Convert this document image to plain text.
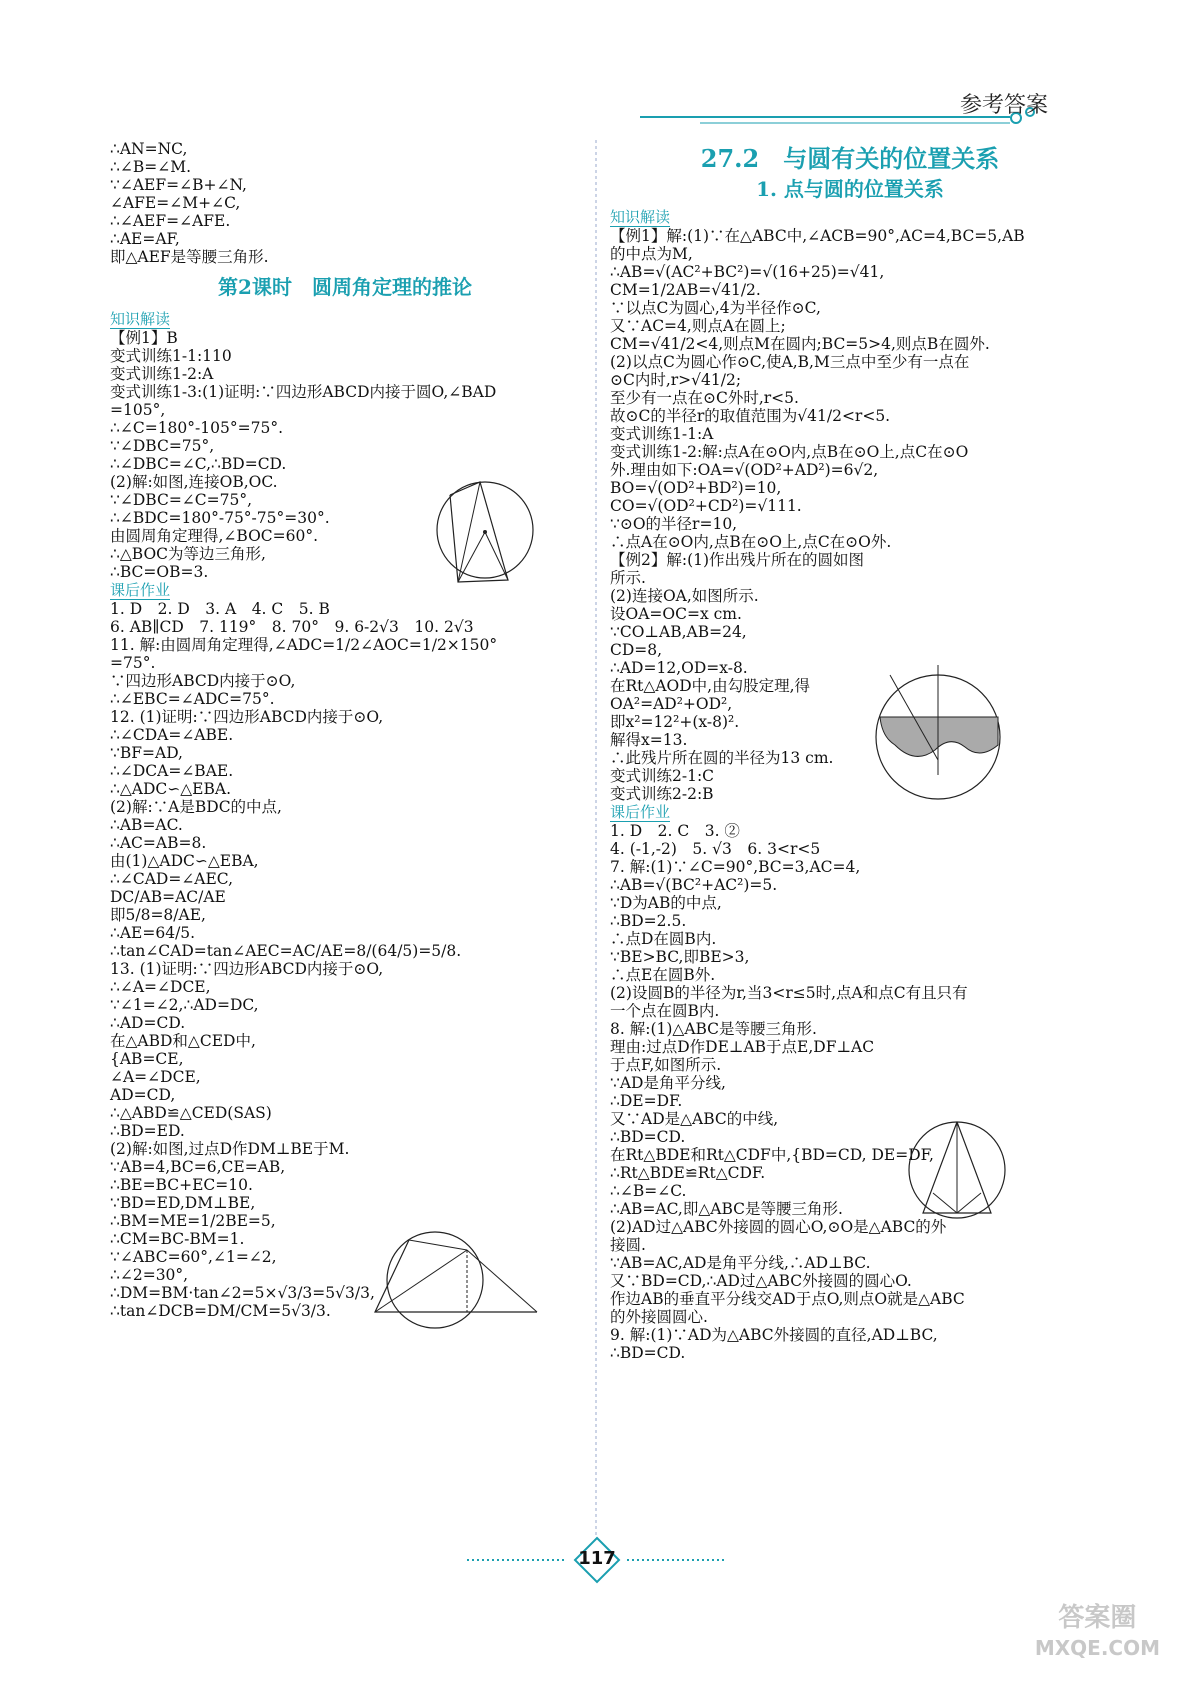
参考答案
∴AN=NC,
∴∠B=∠M.
∵∠AEF=∠B+∠N,
∠AFE=∠M+∠C,
∴∠AEF=∠AFE.
∴AE=AF,
即△AEF是等腰三角形.
第2课时　圆周角定理的推论
知识解读
【例1】B
变式训练1-1:110
变式训练1-2:A
变式训练1-3:(1)证明:∵四边形ABCD内接于圆O,∠BAD
=105°,
∴∠C=180°-105°=75°.
∵∠DBC=75°,
∴∠DBC=∠C,∴BD=CD.
(2)解:如图,连接OB,OC.
∵∠DBC=∠C=75°,
∴∠BDC=180°-75°-75°=30°.
由圆周角定理得,∠BOC=60°.
∴△BOC为等边三角形,
∴BC=OB=3.
课后作业
1. D　2. D　3. A　4. C　5. B
6. AB∥CD　7. 119°　8. 70°　9. 6-2√3　10. 2√3
11. 解:由圆周角定理得,∠ADC=1/2∠AOC=1/2×150°
=75°.
∵四边形ABCD内接于⊙O,
∴∠EBC=∠ADC=75°.
12. (1)证明:∵四边形ABCD内接于⊙O,
∴∠CDA=∠ABE.
∵BF=AD,
∴∠DCA=∠BAE.
∴△ADC∽△EBA.
(2)解:∵A是BDC的中点,
∴AB=AC.
∴AC=AB=8.
由(1)△ADC∽△EBA,
∴∠CAD=∠AEC,
DC/AB=AC/AE
即5/8=8/AE,
∴AE=64/5.
∴tan∠CAD=tan∠AEC=AC/AE=8/(64/5)=5/8.
13. (1)证明:∵四边形ABCD内接于⊙O,
∴∠A=∠DCE,
∵∠1=∠2,∴AD=DC,
∴AD=CD.
在△ABD和△CED中,
{AB=CE,
∠A=∠DCE,
AD=CD,
∴△ABD≌△CED(SAS)
∴BD=ED.
(2)解:如图,过点D作DM⊥BE于M.
∵AB=4,BC=6,CE=AB,
∴BE=BC+EC=10.
∵BD=ED,DM⊥BE,
∴BM=ME=1/2BE=5,
∴CM=BC-BM=1.
∵∠ABC=60°,∠1=∠2,
∴∠2=30°,
∴DM=BM·tan∠2=5×√3/3=5√3/3,
∴tan∠DCB=DM/CM=5√3/3.
27.2　与圆有关的位置关系
1. 点与圆的位置关系
知识解读
【例1】解:(1)∵在△ABC中,∠ACB=90°,AC=4,BC=5,AB
的中点为M,
∴AB=√(AC²+BC²)=√(16+25)=√41,
CM=1/2AB=√41/2.
∵以点C为圆心,4为半径作⊙C,
又∵AC=4,则点A在圆上;
CM=√41/2<4,则点M在圆内;BC=5>4,则点B在圆外.
(2)以点C为圆心作⊙C,使A,B,M三点中至少有一点在
⊙C内时,r>√41/2;
至少有一点在⊙C外时,r<5.
故⊙C的半径r的取值范围为√41/2<r<5.
变式训练1-1:A
变式训练1-2:解:点A在⊙O内,点B在⊙O上,点C在⊙O
外.理由如下:OA=√(OD²+AD²)=6√2,
BO=√(OD²+BD²)=10,
CO=√(OD²+CD²)=√111.
∵⊙O的半径r=10,
∴点A在⊙O内,点B在⊙O上,点C在⊙O外.
【例2】解:(1)作出残片所在的圆如图
所示.
(2)连接OA,如图所示.
设OA=OC=x cm.
∵CO⊥AB,AB=24,
CD=8,
∴AD=12,OD=x-8.
在Rt△AOD中,由勾股定理,得
OA²=AD²+OD²,
即x²=12²+(x-8)².
解得x=13.
∴此残片所在圆的半径为13 cm.
变式训练2-1:C
变式训练2-2:B
课后作业
1. D　2. C　3. ②
4. (-1,-2)　5. √3　6. 3<r<5
7. 解:(1)∵∠C=90°,BC=3,AC=4,
∴AB=√(BC²+AC²)=5.
∵D为AB的中点,
∴BD=2.5.
∴点D在圆B内.
∵BE>BC,即BE>3,
∴点E在圆B外.
(2)设圆B的半径为r,当3<r≤5时,点A和点C有且只有
一个点在圆B内.
8. 解:(1)△ABC是等腰三角形.
理由:过点D作DE⊥AB于点E,DF⊥AC
于点F,如图所示.
∵AD是角平分线,
∴DE=DF.
又∵AD是△ABC的中线,
∴BD=CD.
在Rt△BDE和Rt△CDF中,{BD=CD, DE=DF,
∴Rt△BDE≌Rt△CDF.
∴∠B=∠C.
∴AB=AC,即△ABC是等腰三角形.
(2)AD过△ABC外接圆的圆心O,⊙O是△ABC的外
接圆.
∵AB=AC,AD是角平分线,∴AD⊥BC.
又∵BD=CD,∴AD过△ABC外接圆的圆心O.
作边AB的垂直平分线交AD于点O,则点O就是△ABC
的外接圆圆心.
9. 解:(1)∵AD为△ABC外接圆的直径,AD⊥BC,
∴BD=CD.
117
答案圈
MXQE.COM
